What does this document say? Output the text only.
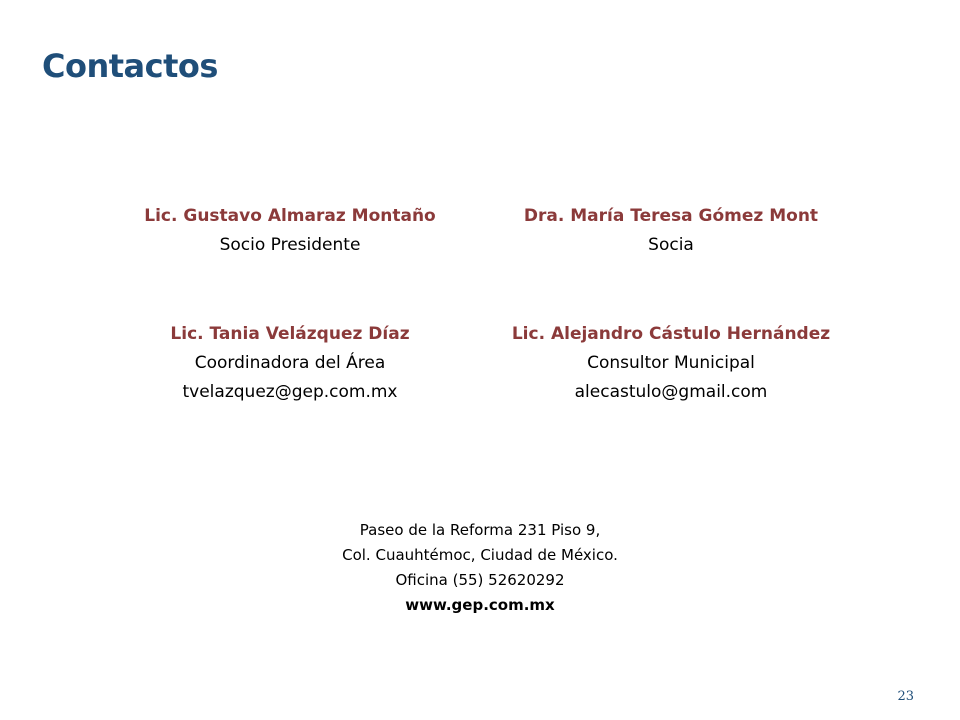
Contactos
Lic. Gustavo Almaraz Montaño
Socio Presidente
Dra. María Teresa Gómez Mont
Socia
Lic. Tania Velázquez Díaz
Coordinadora del Área
tvelazquez@gep.com.mx
Lic. Alejandro Cástulo Hernández
Consultor Municipal
alecastulo@gmail.com
Paseo de la Reforma 231 Piso 9,
Col. Cuauhtémoc, Ciudad de México.
Oficina (55) 52620292
www.gep.com.mx
23
